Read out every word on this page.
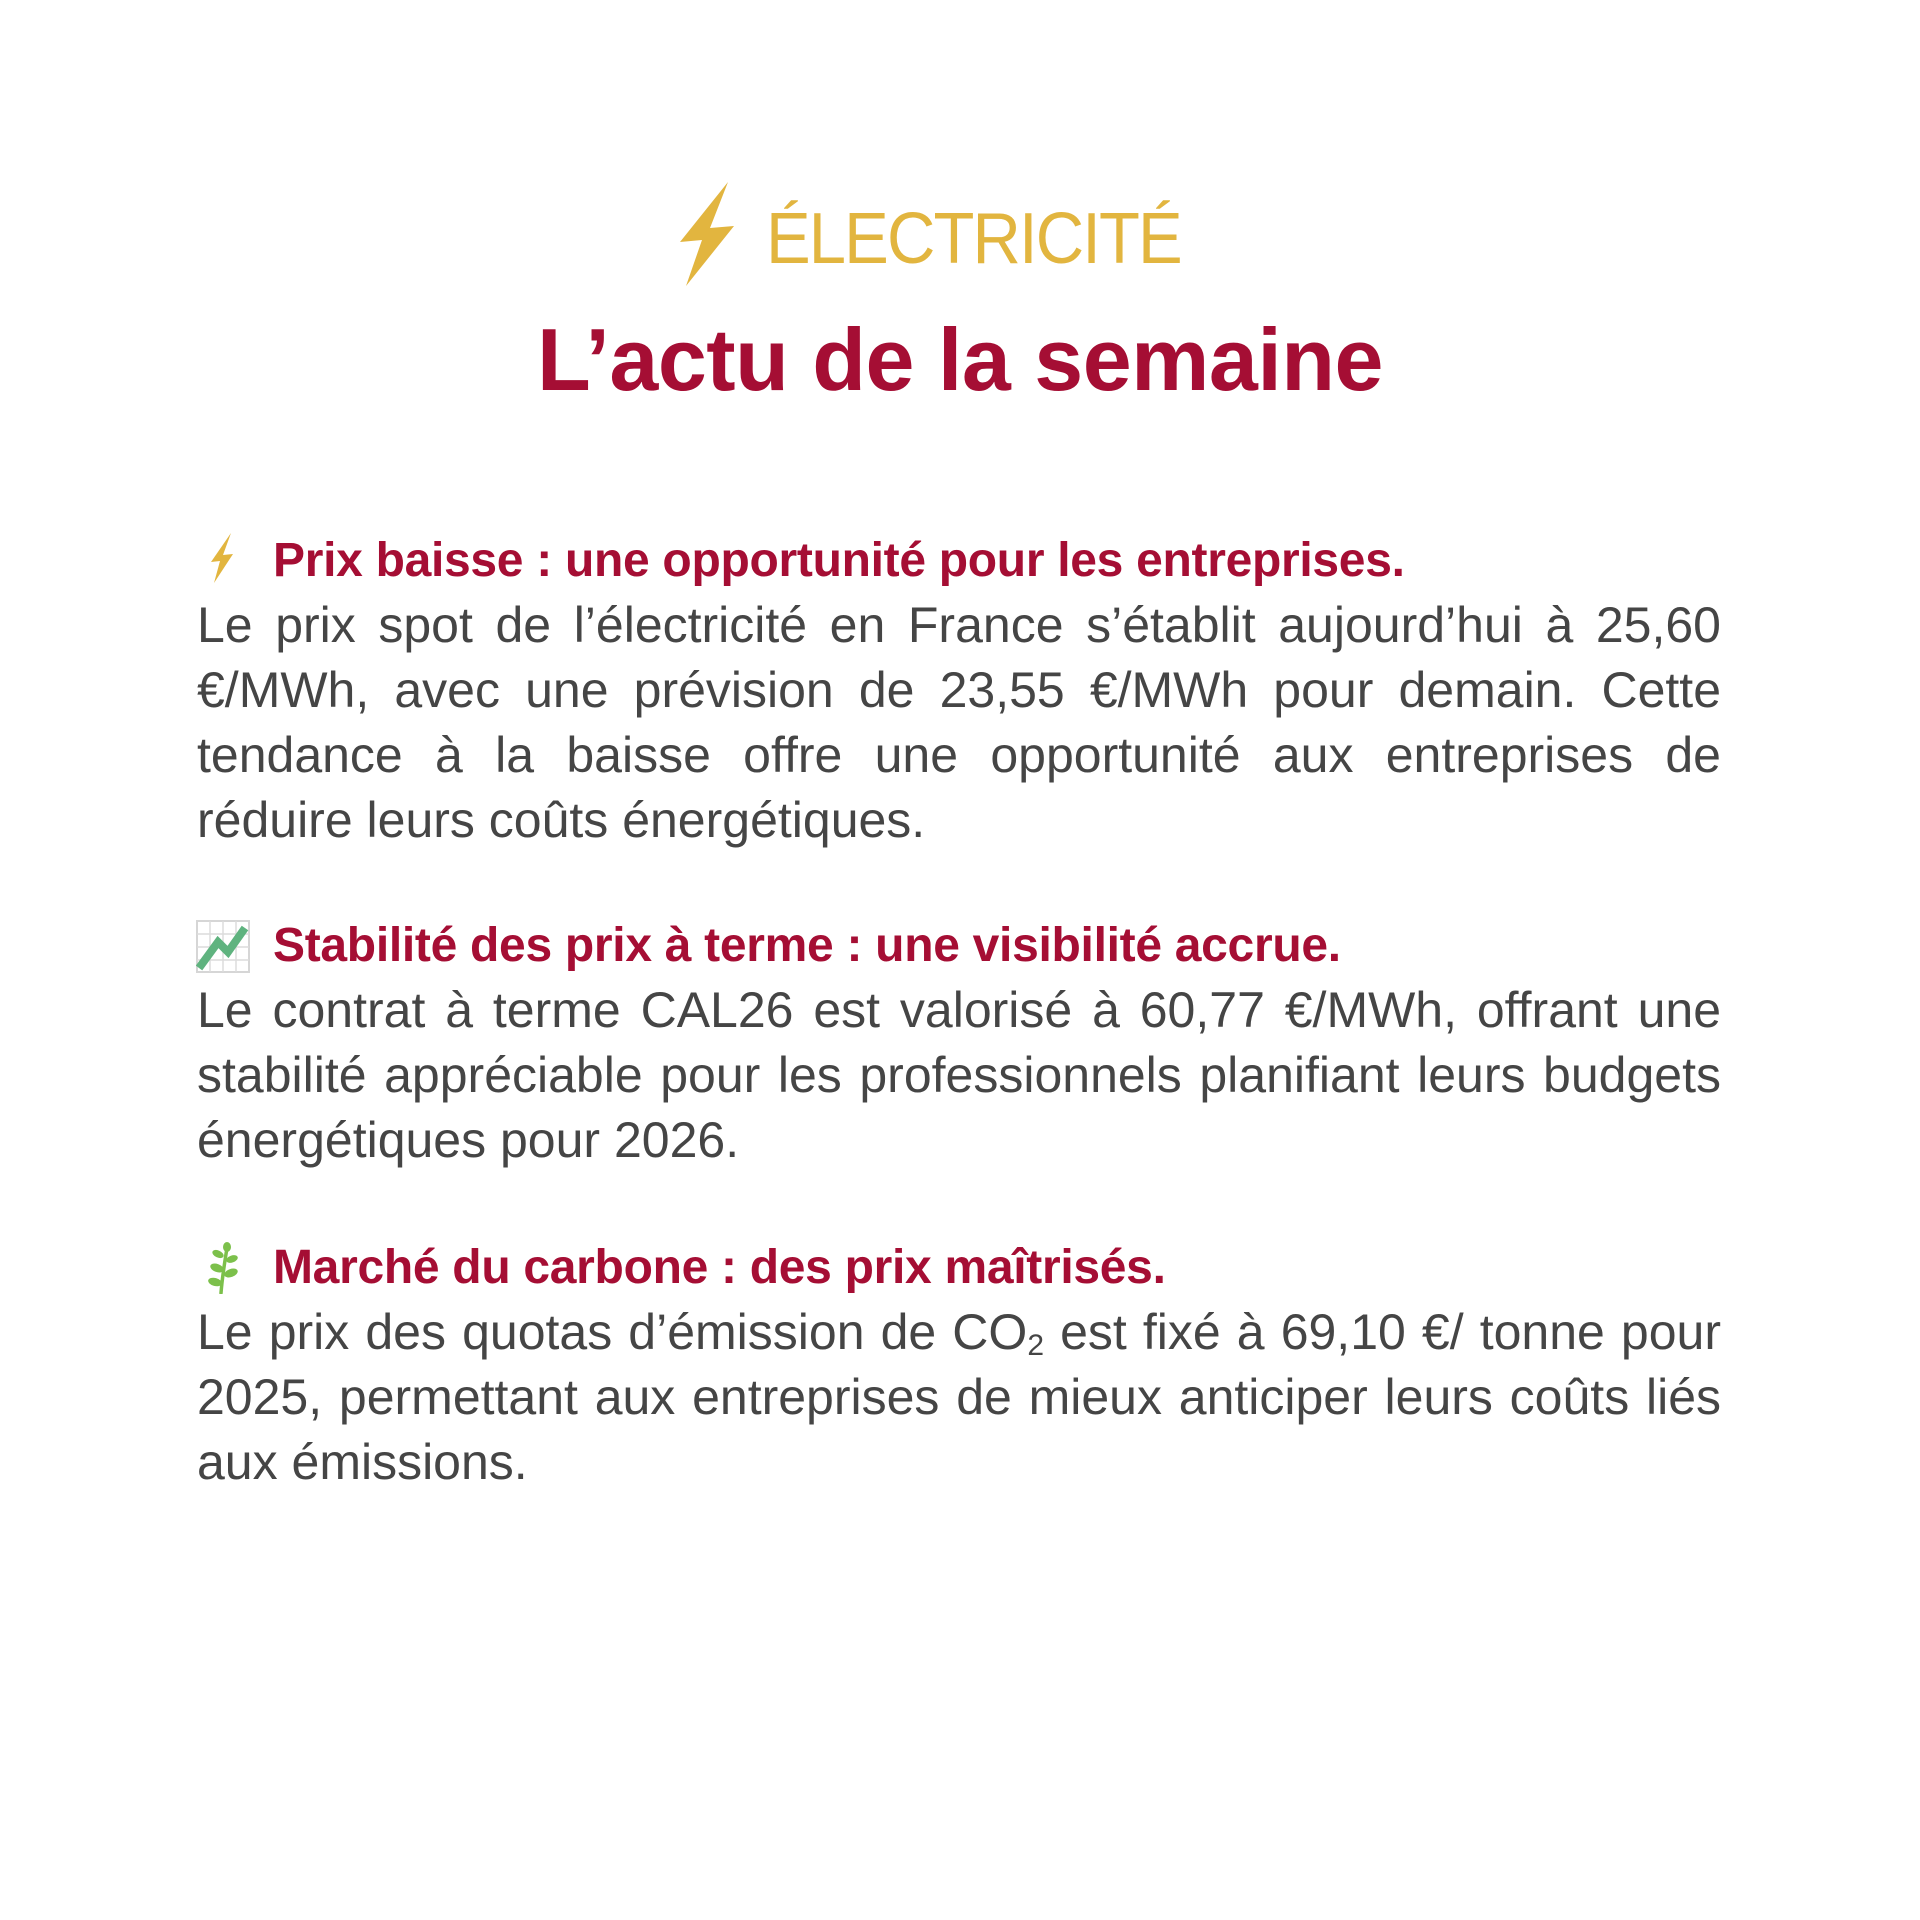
ÉLECTRICITÉ
L’actu de la semaine
Prix baisse : une opportunité pour les entreprises.
Le prix spot de l’électricité en France s’établit aujourd’hui à 25,60 €/MWh, avec une prévision de 23,55 €/MWh pour demain. Cette tendance à la baisse offre une opportunité aux entreprises de réduire leurs coûts énergétiques.
Stabilité des prix à terme : une visibilité accrue.
Le contrat à terme CAL26 est valorisé à 60,77 €/MWh, offrant une stabilité appréciable pour les professionnels planifiant leurs budgets énergétiques pour 2026.
Marché du carbone : des prix maîtrisés.
Le prix des quotas d’émission de $CO_2$ est fixé à 69,10 €/ tonne pour 2025, permettant aux entreprises de mieux anticiper leurs coûts liés aux émissions.
